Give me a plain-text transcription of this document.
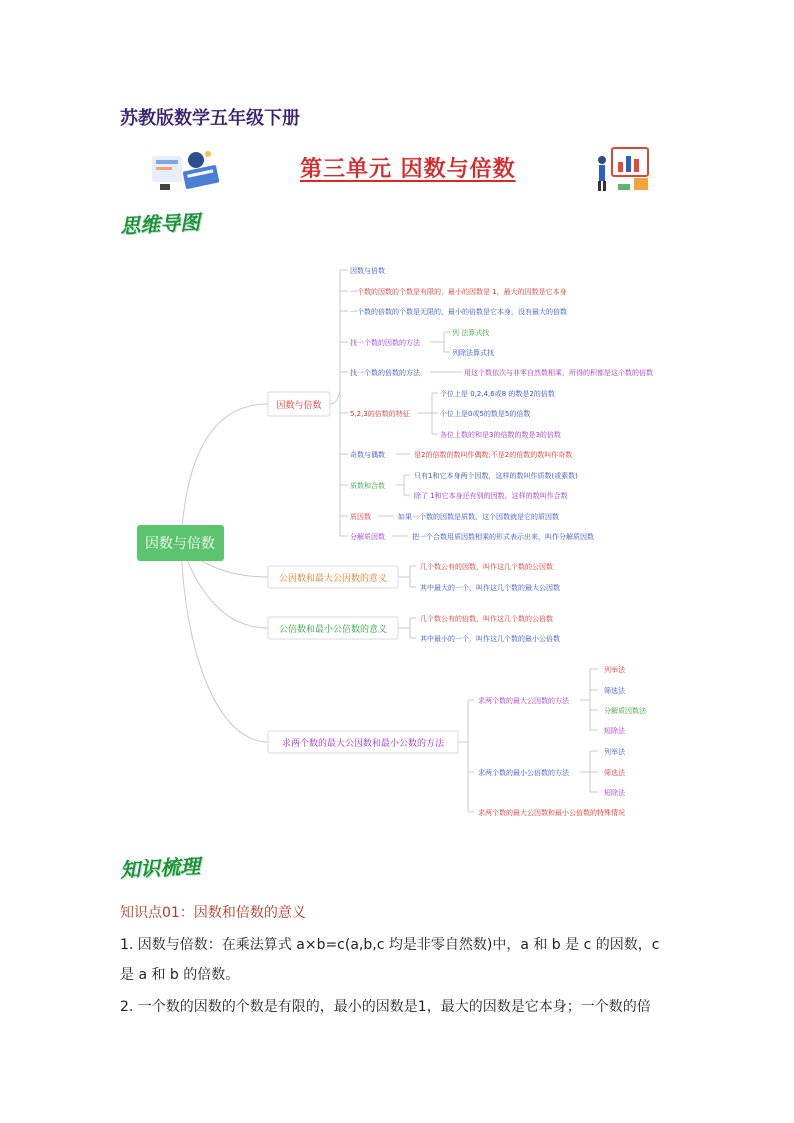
苏教版数学五年级下册
第三单元 因数与倍数
思维导图
因数与倍数
因数与倍数
公因数和最大公因数的意义
公倍数和最小公倍数的意义
求两个数的最大公因数和最小公数的方法
因数与倍数
一个数的因数的个数是有限的，最小的因数是 1，最大的因数是它本身
一个数的倍数的个数是无限的，最小的倍数是它本身，没有最大的倍数
找一个数的因数的方法
列 法算式找
列除法算式找
找一个数的倍数的方法	用这个数依次与非零自然数相乘，所得的积都是这个数的倍数
5,2,3的倍数的特征
个位上是 0,2,4,6或8 的数是2的倍数
个位上是0或5的数是5的倍数
各位上数的和是3的倍数的数是3的倍数
奇数与偶数	是2的倍数的数叫作偶数;不是2的倍数的数叫作奇数
质数和合数
只有1和它本身两个因数，这样的数叫作质数(或素数)
除了 1和它本身还有别的因数，这样的数叫作合数
质因数	如果一个数的因数是质数，这个因数就是它的质因数
分解质因数	把一个合数用质因数相乘的形式表示出来，叫作分解质因数
几个数公有的因数，叫作这几个数的公因数
其中最大的一个，叫作这几个数的最大公因数
几个数公有的倍数，叫作这几个数的公倍数
其中最小的一个，叫作这几个数的最小公倍数
求两个数的最大公因数的方法
列举法
筛选法
分解质因数法
短除法
求两个数的最小公倍数的方法
列举法
筛选法
短除法
求两个数的最大公因数和最小公倍数的特殊情况
知识梳理
知识点01：因数和倍数的意义
1. 因数与倍数：在乘法算式 a×b=c(a,b,c 均是非零自然数)中，a 和 b 是 c 的因数，c
是 a 和 b 的倍数。
2. 一个数的因数的个数是有限的，最小的因数是1，最大的因数是它本身；一个数的倍
